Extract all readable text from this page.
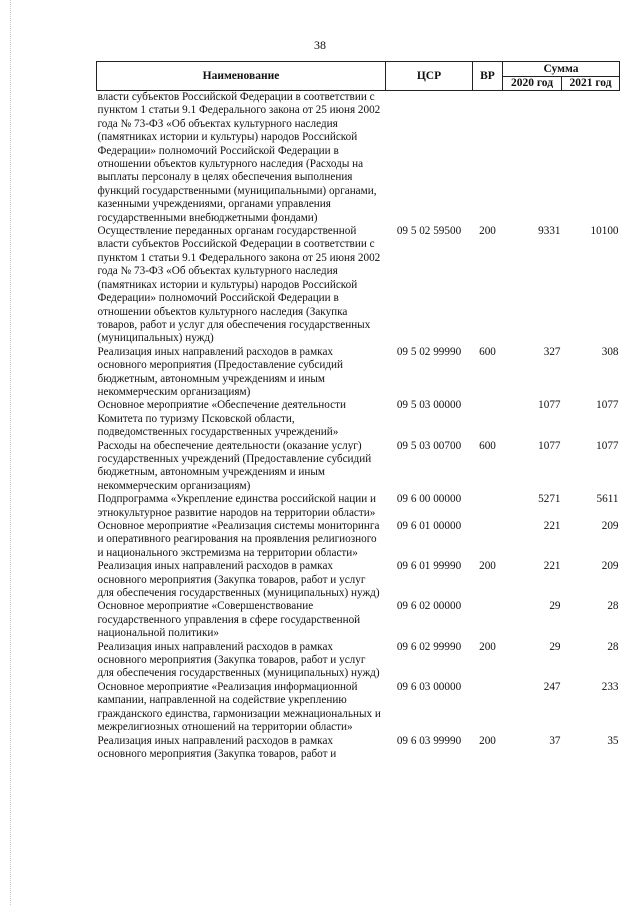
38
Наименование	ЦСР	ВР	Сумма	
			2020 год	2021 год
власти субъектов Российской Федерации в соответствии с пунктом 1 статьи 9.1 Федерального закона от 25 июня 2002 года № 73-ФЗ «Об объектах культурного наследия (памятниках истории и культуры) народов Российской Федерации» полномочий Российской Федерации в отношении объектов культурного наследия (Расходы на выплаты персоналу в целях обеспечения выполнения функций государственными (муниципальными) органами, казенными учреждениями, органами управления государственными внебюджетными фондами)				
Осуществление переданных органам государственной власти субъектов Российской Федерации в соответствии с пунктом 1 статьи 9.1 Федерального закона от 25 июня 2002 года № 73-ФЗ «Об объектах культурного наследия (памятниках истории и культуры) народов Российской Федерации» полномочий Российской Федерации в отношении объектов культурного наследия (Закупка товаров, работ и услуг для обеспечения государственных (муниципальных) нужд)	09 5 02 59500	200	9331	10100
Реализация иных направлений расходов в рамках основного мероприятия (Предоставление субсидий бюджетным, автономным учреждениям и иным некоммерческим организациям)	09 5 02 99990	600	327	308
Основное мероприятие «Обеспечение деятельности Комитета по туризму Псковской области, подведомственных государственных учреждений»	09 5 03 00000		1077	1077
Расходы на обеспечение деятельности (оказание услуг) государственных учреждений (Предоставление субсидий бюджетным, автономным учреждениям и иным некоммерческим организациям)	09 5 03 00700	600	1077	1077
Подпрограмма «Укрепление единства российской нации и этнокультурное развитие народов на территории области»	09 6 00 00000		5271	5611
Основное мероприятие «Реализация системы мониторинга и оперативного реагирования на проявления религиозного и национального экстремизма на территории области»	09 6 01 00000		221	209
Реализация иных направлений расходов в рамках основного мероприятия (Закупка товаров, работ и услуг для обеспечения государственных (муниципальных) нужд)	09 6 01 99990	200	221	209
Основное мероприятие «Совершенствование государственного управления в сфере государственной национальной политики»	09 6 02 00000		29	28
Реализация иных направлений расходов в рамках основного мероприятия (Закупка товаров, работ и услуг для обеспечения государственных (муниципальных) нужд)	09 6 02 99990	200	29	28
Основное мероприятие «Реализация информационной кампании, направленной на содействие укреплению гражданского единства, гармонизации межнациональных и межрелигиозных отношений на территории области»	09 6 03 00000		247	233
Реализация иных направлений расходов в рамках основного мероприятия (Закупка товаров, работ и	09 6 03 99990	200	37	35
